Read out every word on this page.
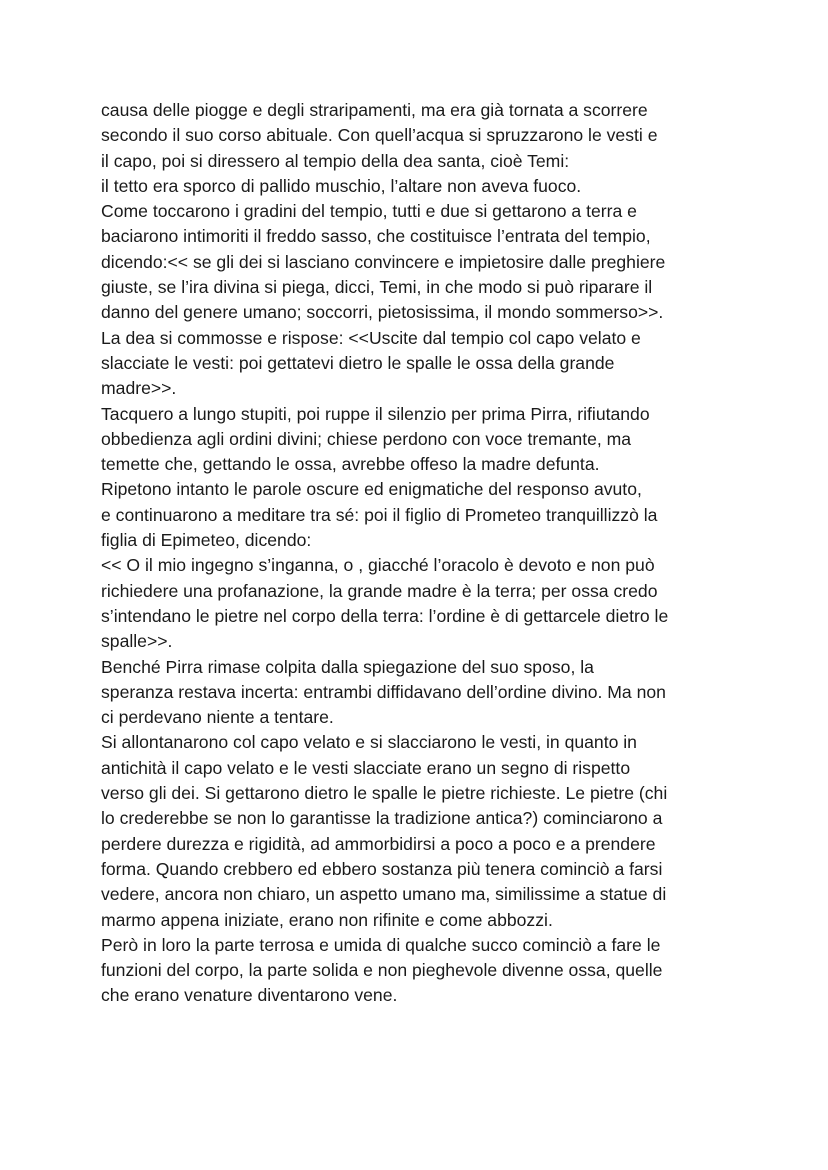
causa delle piogge e degli straripamenti, ma era già tornata a scorrere
secondo il suo corso abituale. Con quell’acqua si spruzzarono le vesti e
il capo, poi si diressero al tempio della dea santa, cioè Temi:
il tetto era sporco di pallido muschio, l’altare non aveva fuoco.
Come toccarono i gradini del tempio, tutti e due si gettarono a terra e
baciarono intimoriti il freddo sasso, che costituisce l’entrata del tempio,
dicendo:<< se gli dei si lasciano convincere e impietosire dalle preghiere
giuste, se l’ira divina si piega, dicci, Temi, in che modo si può riparare il
danno del genere umano; soccorri, pietosissima, il mondo sommerso>>.
La dea si commosse e rispose: <<Uscite dal tempio col capo velato e
slacciate le vesti: poi gettatevi dietro le spalle le ossa della grande
madre>>.
Tacquero a lungo stupiti, poi ruppe il silenzio per prima Pirra, rifiutando
obbedienza agli ordini divini; chiese perdono con voce tremante, ma
temette che, gettando le ossa, avrebbe offeso la madre defunta.
Ripetono intanto le parole oscure ed enigmatiche del responso avuto,
e continuarono a meditare tra sé: poi il figlio di Prometeo tranquillizzò la
figlia di Epimeteo, dicendo:
<< O il mio ingegno s’inganna, o , giacché l’oracolo è devoto e non può
richiedere una profanazione, la grande madre è la terra; per ossa credo
s’intendano le pietre nel corpo della terra: l’ordine è di gettarcele dietro le
spalle>>.
Benché Pirra rimase colpita dalla spiegazione del suo sposo, la
speranza restava incerta: entrambi diffidavano dell’ordine divino. Ma non
ci perdevano niente a tentare.
Si allontanarono col capo velato e si slacciarono le vesti, in quanto in
antichità il capo velato e le vesti slacciate erano un segno di rispetto
verso gli dei. Si gettarono dietro le spalle le pietre richieste. Le pietre (chi
lo crederebbe se non lo garantisse la tradizione antica?) cominciarono a
perdere durezza e rigidità, ad ammorbidirsi a poco a poco e a prendere
forma. Quando crebbero ed ebbero sostanza più tenera cominciò a farsi
vedere, ancora non chiaro, un aspetto umano ma, similissime a statue di
marmo appena iniziate, erano non rifinite e come abbozzi.
Però in loro la parte terrosa e umida di qualche succo cominciò a fare le
funzioni del corpo, la parte solida e non pieghevole divenne ossa, quelle
che erano venature diventarono vene.
